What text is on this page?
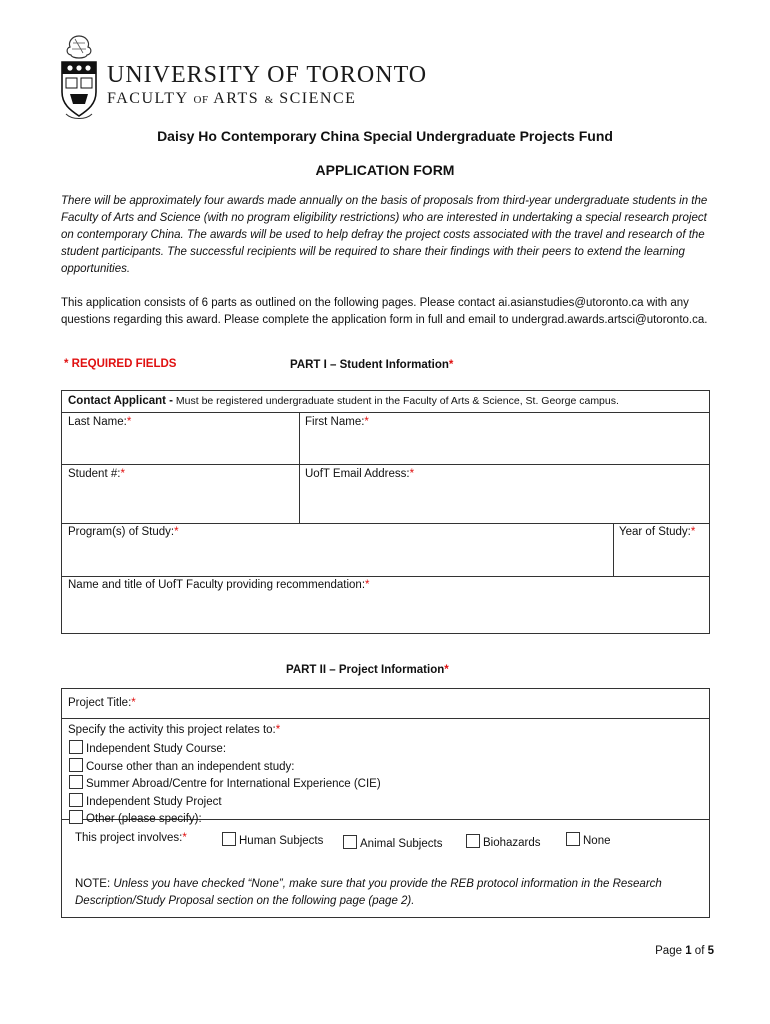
UNIVERSITY OF TORONTO
FACULTY OF ARTS & SCIENCE
Daisy Ho Contemporary China Special Undergraduate Projects Fund
APPLICATION FORM
There will be approximately four awards made annually on the basis of proposals from third-year undergraduate students in the Faculty of Arts and Science (with no program eligibility restrictions) who are interested in undertaking a special research project on contemporary China. The awards will be used to help defray the project costs associated with the travel and research of the student participants. The successful recipients will be required to share their findings with their peers to extend the learning opportunities.
This application consists of 6 parts as outlined on the following pages. Please contact ai.asianstudies@utoronto.ca with any questions regarding this award. Please complete the application form in full and email to undergrad.awards.artsci@utoronto.ca.
* REQUIRED FIELDS	PART I – Student Information*
Contact Applicant - Must be registered undergraduate student in the Faculty of Arts & Science, St. George campus.
Last Name:*	First Name:*
Student #:*	UofT Email Address:*
Program(s) of Study:*	Year of Study:*
Name and title of UofT Faculty providing recommendation:*
PART II – Project Information*
Project Title:*
Specify the activity this project relates to:*
Independent Study Course:
Course other than an independent study:
Summer Abroad/Centre for International Experience (CIE)
Independent Study Project
Other (please specify):
This project involves:*	Human Subjects	Animal Subjects	Biohazards	None
NOTE: Unless you have checked “None”, make sure that you provide the REB protocol information in the Research Description/Study Proposal section on the following page (page 2).
Page 1 of 5
